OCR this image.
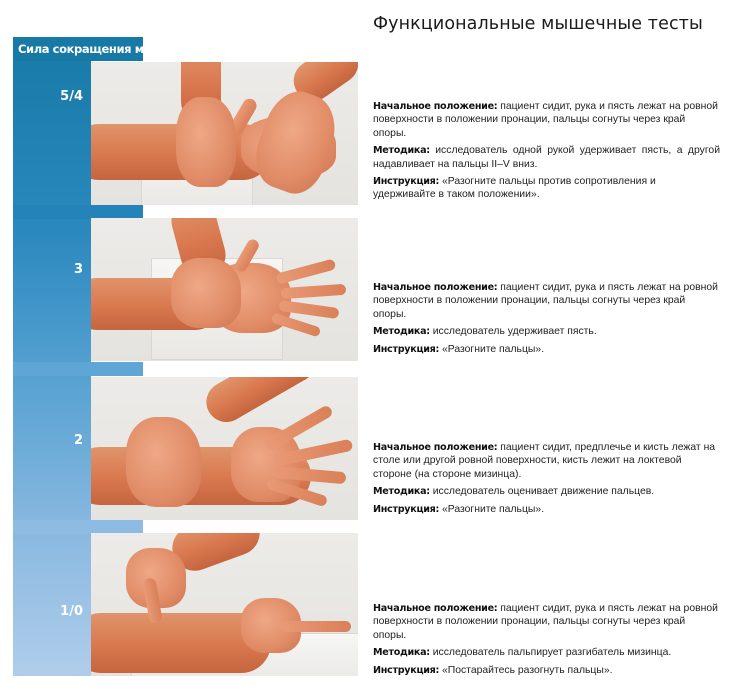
Функциональные мышечные тесты
Сила сокращения мышц
5/4
3
2
1/0

Начальное положение: пациент сидит, рука и пясть лежат на ровной поверхности в положении пронации, пальцы согнуты через край опоры.

Методика: исследователь одной рукой удерживает пясть, а другой надавливает на пальцы II–V вниз.

Инструкция: «Разогните пальцы против сопротивления и удерживайте в таком положении».

Начальное положение: пациент сидит, рука и пясть лежат на ровной поверхности в положении пронации, пальцы согнуты через край опоры.

Методика: исследователь удерживает пясть.

Инструкция: «Разогните пальцы».

Начальное положение: пациент сидит, предплечье и кисть лежат на столе или другой ровной поверхности, кисть лежит на локтевой стороне (на стороне мизинца).

Методика: исследователь оценивает движение пальцев.

Инструкция: «Разогните пальцы».

Начальное положение: пациент сидит, рука и пясть лежат на ровной поверхности в положении пронации, пальцы согнуты через край опоры.

Методика: исследователь пальпирует разгибатель мизинца.

Инструкция: «Постарайтесь разогнуть пальцы».
